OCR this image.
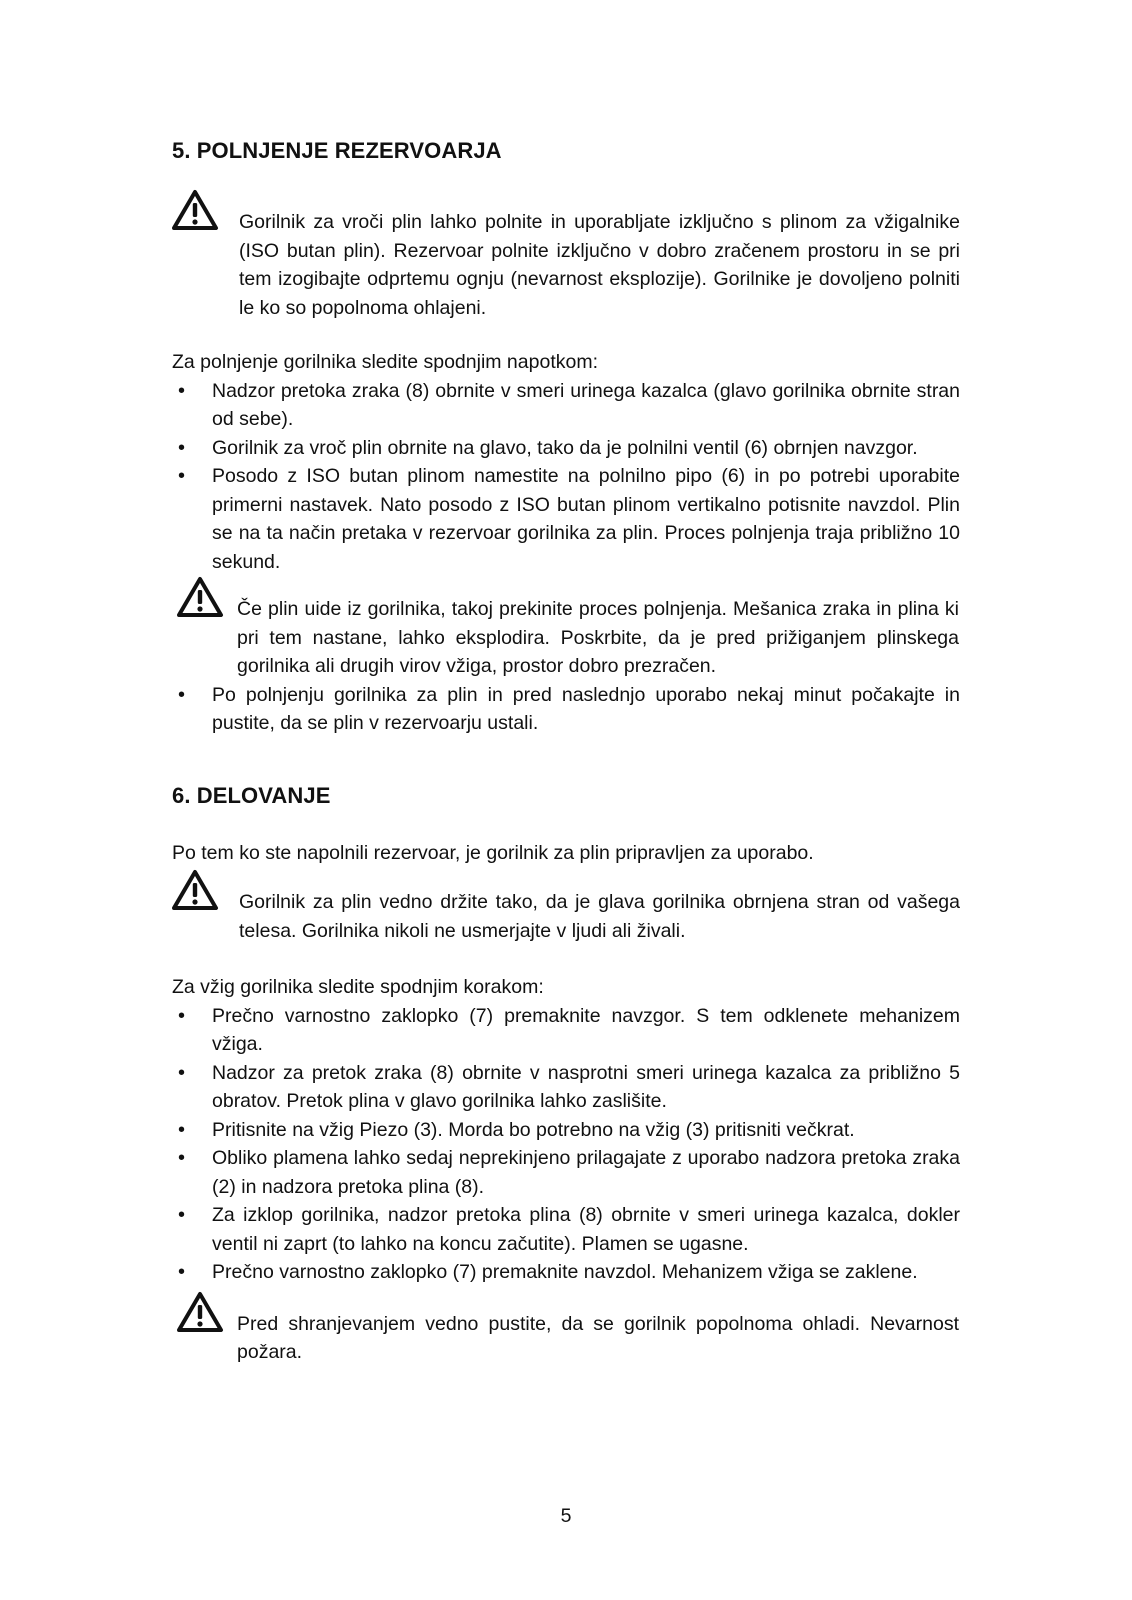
5. POLNJENJE REZERVOARJA

Gorilnik za vroči plin lahko polnite in uporabljate izključno s plinom za vžigalnike (ISO butan plin). Rezervoar polnite izključno v dobro zračenem prostoru in se pri tem izogibajte odprtemu ognju (nevarnost eksplozije). Gorilnike je dovoljeno polniti le ko so popolnoma ohlajeni.

Za polnjenje gorilnika sledite spodnjim napotkom:

• Nadzor pretoka zraka (8) obrnite v smeri urinega kazalca (glavo gorilnika obrnite stran od sebe).
• Gorilnik za vroč plin obrnite na glavo, tako da je polnilni ventil (6) obrnjen navzgor.
• Posodo z ISO butan plinom namestite na polnilno pipo (6) in po potrebi uporabite primerni nastavek. Nato posodo z ISO butan plinom vertikalno potisnite navzdol. Plin se na ta način pretaka v rezervoar gorilnika za plin. Proces polnjenja traja približno 10 sekund.

Če plin uide iz gorilnika, takoj prekinite proces polnjenja. Mešanica zraka in plina ki pri tem nastane, lahko eksplodira. Poskrbite, da je pred prižiganjem plinskega gorilnika ali drugih virov vžiga, prostor dobro prezračen.

• Po polnjenju gorilnika za plin in pred naslednjo uporabo nekaj minut počakajte in pustite, da se plin v rezervoarju ustali.
6. DELOVANJE

Po tem ko ste napolnili rezervoar, je gorilnik za plin pripravljen za uporabo.

Gorilnik za plin vedno držite tako, da je glava gorilnika obrnjena stran od vašega telesa. Gorilnika nikoli ne usmerjajte v ljudi ali živali.

Za vžig gorilnika sledite spodnjim korakom:

• Prečno varnostno zaklopko (7) premaknite navzgor. S tem odklenete mehanizem vžiga.
• Nadzor za pretok zraka (8) obrnite v nasprotni smeri urinega kazalca za približno 5 obratov. Pretok plina v glavo gorilnika lahko zaslišite.
• Pritisnite na vžig Piezo (3). Morda bo potrebno na vžig (3) pritisniti večkrat.
• Obliko plamena lahko sedaj neprekinjeno prilagajate z uporabo nadzora pretoka zraka (2) in nadzora pretoka plina (8).
• Za izklop gorilnika, nadzor pretoka plina (8) obrnite v smeri urinega kazalca, dokler ventil ni zaprt (to lahko na koncu začutite). Plamen se ugasne.
• Prečno varnostno zaklopko (7) premaknite navzdol. Mehanizem vžiga se zaklene.

Pred shranjevanjem vedno pustite, da se gorilnik popolnoma ohladi. Nevarnost požara.

5
